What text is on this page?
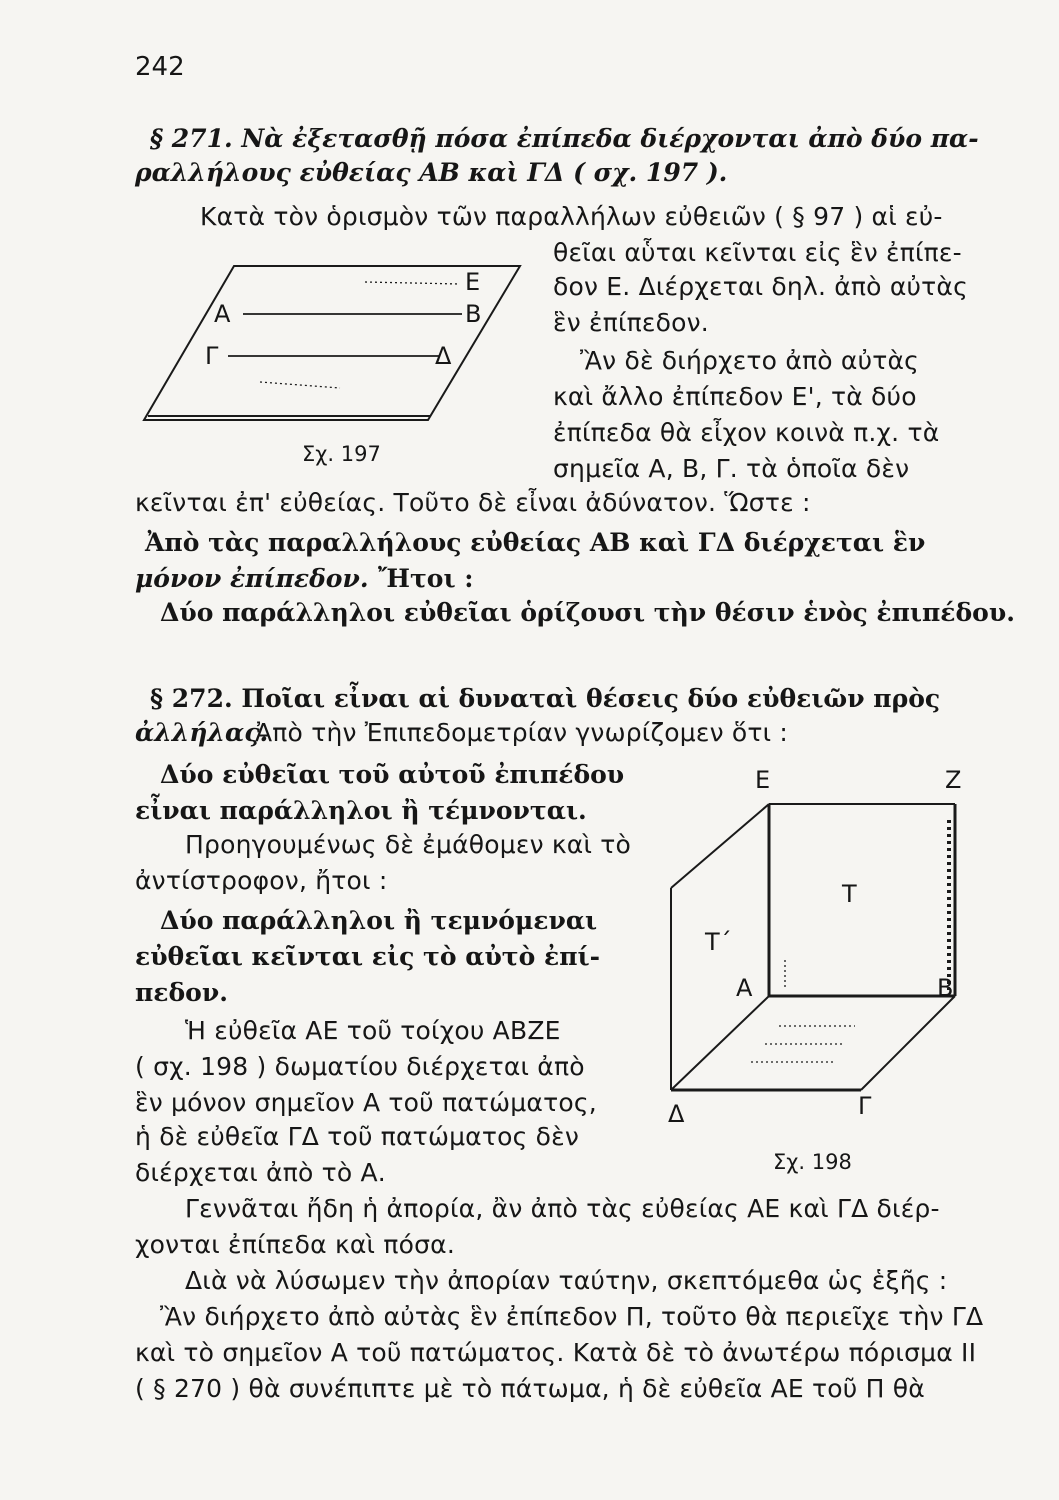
242
§ 271. Νὰ ἐξετασθῇ πόσα ἐπίπεδα διέρχονται ἀπὸ δύο πα-
ραλλήλους εὐθείας ΑΒ καὶ ΓΔ ( σχ. 197 ).
Κατὰ τὸν ὁρισμὸν τῶν παραλλήλων εὐθειῶν ( § 97 ) αἱ εὐ-
θεῖαι αὗται κεῖνται εἰς ἓν ἐπίπε-
δον Ε. Διέρχεται δηλ. ἀπὸ αὐτὰς
ἓν ἐπίπεδον.
Ἂν δὲ διήρχετο ἀπὸ αὐτὰς
καὶ ἄλλο ἐπίπεδον Ε', τὰ δύο
ἐπίπεδα θὰ εἶχον κοινὰ π.χ. τὰ
σημεῖα Α, Β, Γ. τὰ ὁποῖα δὲν
κεῖνται ἐπ' εὐθείας. Τοῦτο δὲ εἶναι ἀδύνατον. Ὥστε :
Ἀπὸ τὰς παραλλήλους εὐθείας ΑΒ καὶ ΓΔ διέρχεται ἓν
μόνον ἐπίπεδον. Ἤτοι :
Δύο παράλληλοι εὐθεῖαι ὁρίζουσι τὴν θέσιν ἑνὸς ἐπιπέδου.
Ε
Α	Β
Γ	Δ
Σχ. 197
§ 272. Ποῖαι εἶναι αἱ δυναταὶ θέσεις δύο εὐθειῶν πρὸς
ἀλλήλας.
Ἀπὸ τὴν Ἐπιπεδομετρίαν γνωρίζομεν ὅτι :
Δύο εὐθεῖαι τοῦ αὐτοῦ ἐπιπέδου
εἶναι παράλληλοι ἢ τέμνονται.
Προηγουμένως δὲ ἐμάθομεν καὶ τὸ
ἀντίστροφον, ἤτοι :
Δύο παράλληλοι ἢ τεμνόμεναι
εὐθεῖαι κεῖνται εἰς τὸ αὐτὸ ἐπί-
πεδον.
Ἡ εὐθεῖα ΑΕ τοῦ τοίχου ΑΒΖΕ
( σχ. 198 ) δωματίου διέρχεται ἀπὸ
ἓν μόνον σημεῖον Α τοῦ πατώματος,
ἡ δὲ εὐθεῖα ΓΔ τοῦ πατώματος δὲν
διέρχεται ἀπὸ τὸ Α.
Γεννᾶται ἤδη ἡ ἀπορία, ἂν ἀπὸ τὰς εὐθείας ΑΕ καὶ ΓΔ διέρ-
χονται ἐπίπεδα καὶ πόσα.
Διὰ νὰ λύσωμεν τὴν ἀπορίαν ταύτην, σκεπτόμεθα ὡς ἑξῆς :
Ἂν διήρχετο ἀπὸ αὐτὰς ἓν ἐπίπεδον Π, τοῦτο θὰ περιεῖχε τὴν ΓΔ
καὶ τὸ σημεῖον Α τοῦ πατώματος. Κατὰ δὲ τὸ ἀνωτέρω πόρισμα ΙΙ
( § 270 ) θὰ συνέπιπτε μὲ τὸ πάτωμα, ἡ δὲ εὐθεῖα ΑΕ τοῦ Π θὰ
Ε	Ζ
Τ
Τ΄
Α	Β
Δ	Γ
Σχ. 198
